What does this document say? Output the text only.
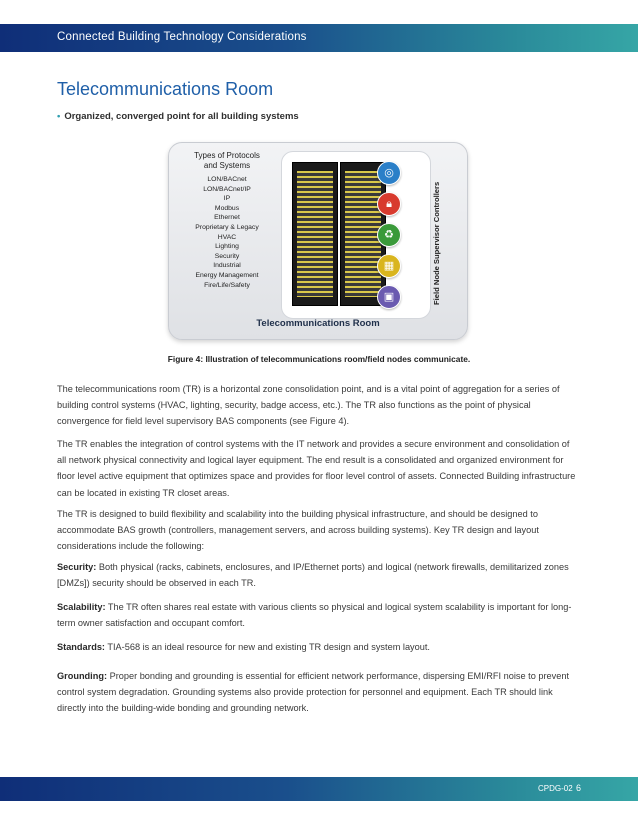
Connected Building Technology Considerations
Telecommunications Room
• Organized, converged point for all building systems
Types of Protocols
and Systems
LON/BACnet
LON/BACnet/IP
IP
Modbus
Ethernet
Proprietary & Legacy
HVAC
Lighting
Security
Industrial
Energy Management
Fire/Life/Safety
◎
🔒︎
♻︎
▦
▣	Field Node Supervisor Controllers
Telecommunications Room
Figure 4: Illustration of telecommunications room/field nodes communicate.
The telecommunications room (TR) is a horizontal zone consolidation point, and is a vital point of aggregation for a series of building control systems (HVAC, lighting, security, badge access, etc.). The TR also functions as the point of physical convergence for field level supervisory BAS components (see Figure 4).
The TR enables the integration of control systems with the IT network and provides a secure environment and consolidation of all network physical connectivity and logical layer equipment. The end result is a consolidated and organized environment for floor level active equipment that optimizes space and provides for floor level control of assets. Connected Building infrastructure can be located in existing TR closet areas.
The TR is designed to build flexibility and scalability into the building physical infrastructure, and should be designed to accommodate BAS growth (controllers, management servers, and across building systems). Key TR design and layout considerations include the following:
Security: Both physical (racks, cabinets, enclosures, and IP/Ethernet ports) and logical (network firewalls, demilitarized zones [DMZs]) security should be observed in each TR.
Scalability: The TR often shares real estate with various clients so physical and logical system scalability is important for long-term owner satisfaction and occupant comfort.
Standards: TIA-568 is an ideal resource for new and existing TR design and system layout.
Grounding: Proper bonding and grounding is essential for efficient network performance, dispersing EMI/RFI noise to prevent control system degradation. Grounding systems also provide protection for personnel and equipment. Each TR should link directly into the building-wide bonding and grounding network.
CPDG-02 6
